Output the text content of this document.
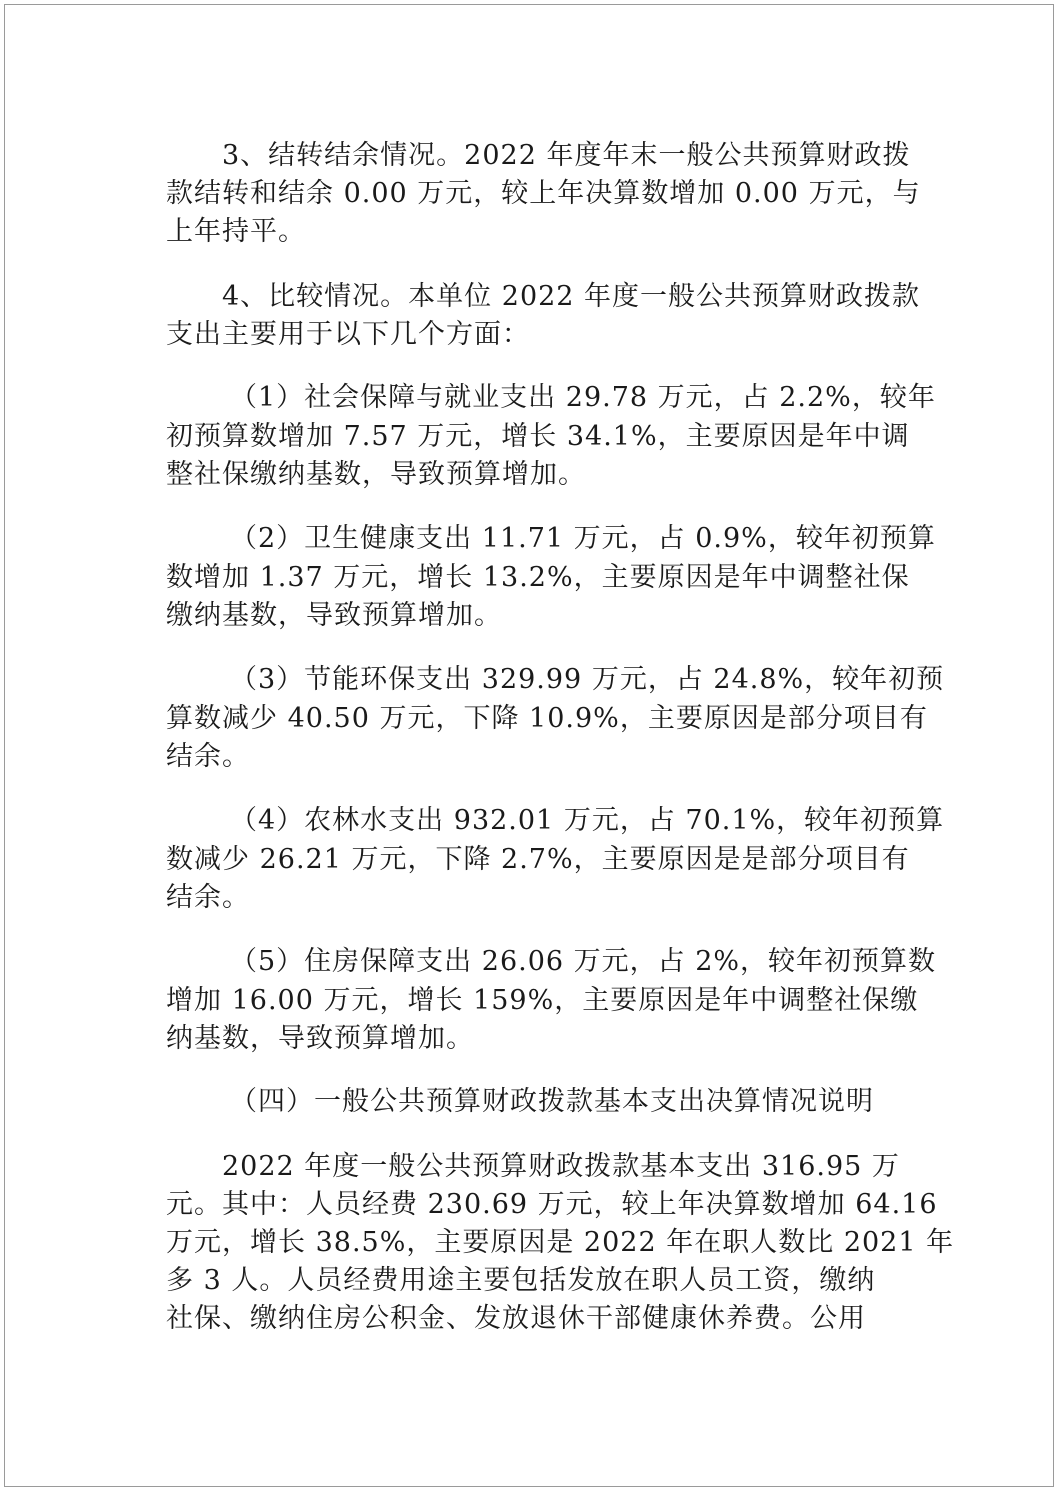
3、结转结余情况。2022 年度年末一般公共预算财政拨
款结转和结余 0.00 万元，较上年决算数增加 0.00 万元，与
上年持平。
4、比较情况。本单位 2022 年度一般公共预算财政拨款
支出主要用于以下几个方面：
（1）社会保障与就业支出 29.78 万元，占 2.2%，较年
初预算数增加 7.57 万元，增长 34.1%，主要原因是年中调
整社保缴纳基数，导致预算增加。
（2）卫生健康支出 11.71 万元，占 0.9%，较年初预算
数增加 1.37 万元，增长 13.2%，主要原因是年中调整社保
缴纳基数，导致预算增加。
（3）节能环保支出 329.99 万元，占 24.8%，较年初预
算数减少 40.50 万元，下降 10.9%，主要原因是部分项目有
结余。
（4）农林水支出 932.01 万元，占 70.1%，较年初预算
数减少 26.21 万元，下降 2.7%，主要原因是是部分项目有
结余。
（5）住房保障支出 26.06 万元，占 2%，较年初预算数
增加 16.00 万元，增长 159%，主要原因是年中调整社保缴
纳基数，导致预算增加。
（四）一般公共预算财政拨款基本支出决算情况说明
2022 年度一般公共预算财政拨款基本支出 316.95 万
元。其中：人员经费 230.69 万元，较上年决算数增加 64.16
万元，增长 38.5%，主要原因是 2022 年在职人数比 2021 年
多 3 人。人员经费用途主要包括发放在职人员工资，缴纳
社保、缴纳住房公积金、发放退休干部健康休养费。公用
